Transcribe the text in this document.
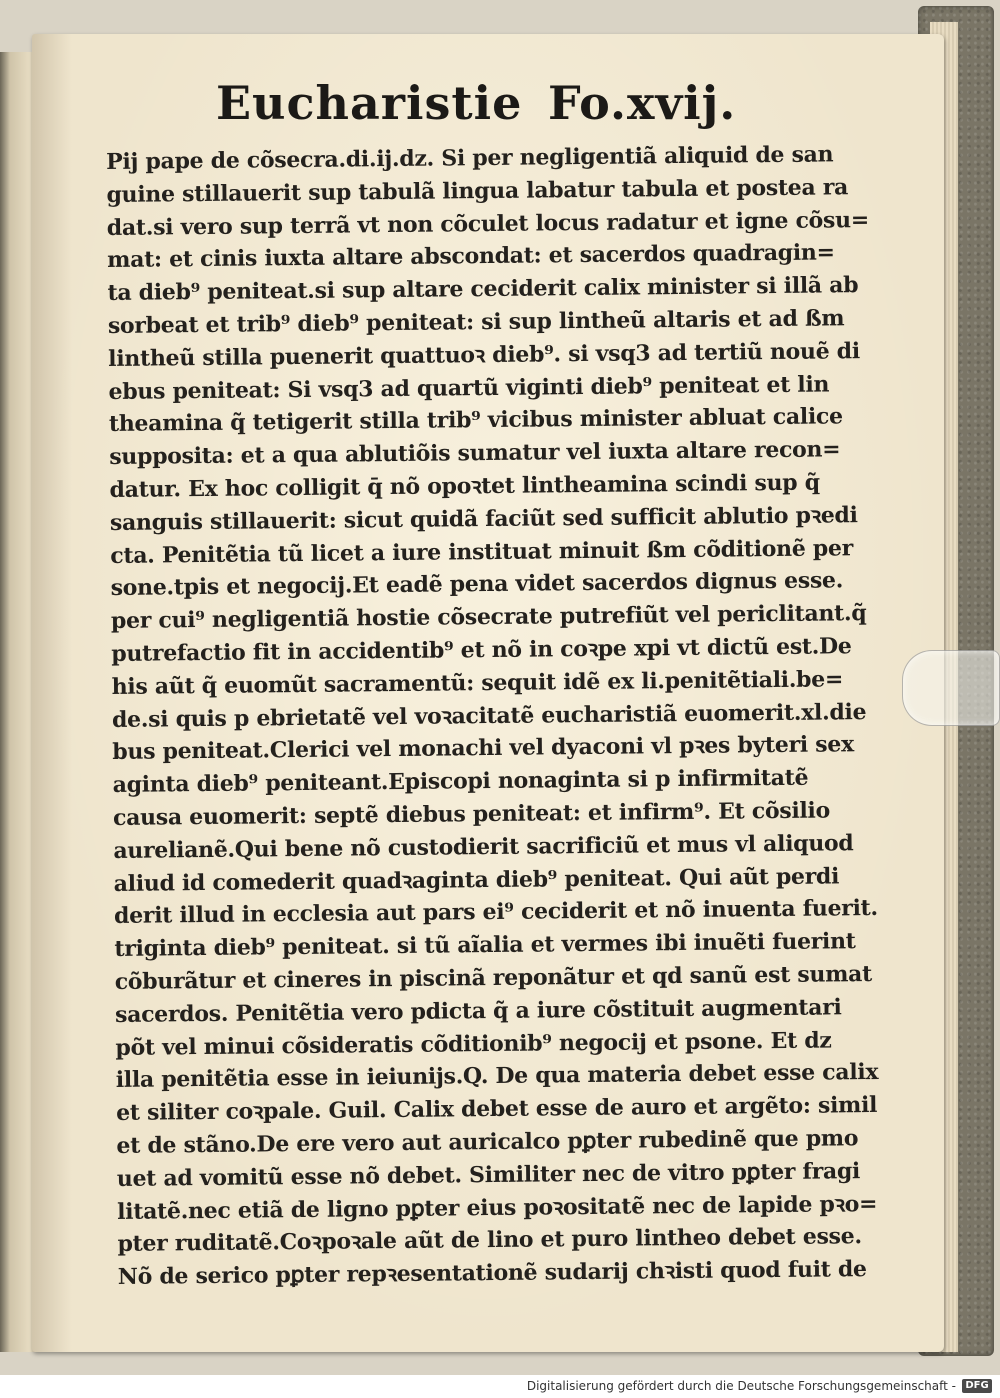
Eucharistie Fo.xvij.
Pij pape de cõsecra.di.ij.dz. Si per negligentiã aliquid de san
guine stillauerit sup tabulã lingua labatur tabula et postea ra
dat.si vero sup terrã vt non cõculet locus radatur et igne cõsu=
mat: et cinis iuxta altare abscondat: et sacerdos quadragin=
ta dieb⁹ peniteat.si sup altare ceciderit calix minister si illã ab
sorbeat et trib⁹ dieb⁹ peniteat: si sup lintheũ altaris et ad ßm
lintheũ stilla puenerit quattuoꝛ dieb⁹. si vsq3 ad tertiũ nouẽ di
ebus peniteat: Si vsq3 ad quartũ viginti dieb⁹ peniteat et lin
theamina q̃ tetigerit stilla trib⁹ vicibus minister abluat calice
supposita: et a qua ablutiõis sumatur vel iuxta altare recon=
datur. Ex hoc colligit q̄ nõ opoꝛtet lintheamina scindi sup q̃
sanguis stillauerit: sicut quidã faciũt sed sufficit ablutio pꝛedi
cta. Penitẽtia tũ licet a iure instituat minuit ßm cõditionẽ per
sone.tpis et negocij.Et eadẽ pena videt sacerdos dignus esse.
per cui⁹ negligentiã hostie cõsecrate putrefiũt vel periclitant.q̃
putrefactio fit in accidentib⁹ et nõ in coꝛpe xpi vt dictũ est.De
his aũt q̃ euomũt sacramentũ: sequit idẽ ex li.penitẽtiali.be=
de.si quis p ebrietatẽ vel voꝛacitatẽ eucharistiã euomerit.xl.die
bus peniteat.Clerici vel monachi vel dyaconi vl pꝛes byteri sex
aginta dieb⁹ peniteant.Episcopi nonaginta si p infirmitatẽ
causa euomerit: septẽ diebus peniteat: et infirm⁹. Et cõsilio
aurelianẽ.Qui bene nõ custodierit sacrificiũ et mus vl aliquod
aliud id comederit quadꝛaginta dieb⁹ peniteat. Qui aũt perdi
derit illud in ecclesia aut pars ei⁹ ceciderit et nõ inuenta fuerit.
triginta dieb⁹ peniteat. si tũ aĩalia et vermes ibi inuẽti fuerint
cõburãtur et cineres in piscinã reponãtur et qd sanũ est sumat
sacerdos. Penitẽtia vero pdicta q̃ a iure cõstituit augmentari
põt vel minui cõsideratis cõditionib⁹ negocij et psone. Et dz
illa penitẽtia esse in ieiunijs.Q. De qua materia debet esse calix
et siliter coꝛpale. Guil. Calix debet esse de auro et argẽto: simil
et de stãno.De ere vero aut auricalco pꝑter rubedinẽ que pmo
uet ad vomitũ esse nõ debet. Similiter nec de vitro pꝑter fragi
litatẽ.nec etiã de ligno pꝑter eius poꝛositatẽ nec de lapide pꝛo=
pter ruditatẽ.Coꝛpoꝛale aũt de lino et puro lintheo debet esse.
Nõ de serico pꝑter repꝛesentationẽ sudarij chꝛisti quod fuit de
Digitalisierung gefördert durch die Deutsche Forschungsgemeinschaft - DFG
